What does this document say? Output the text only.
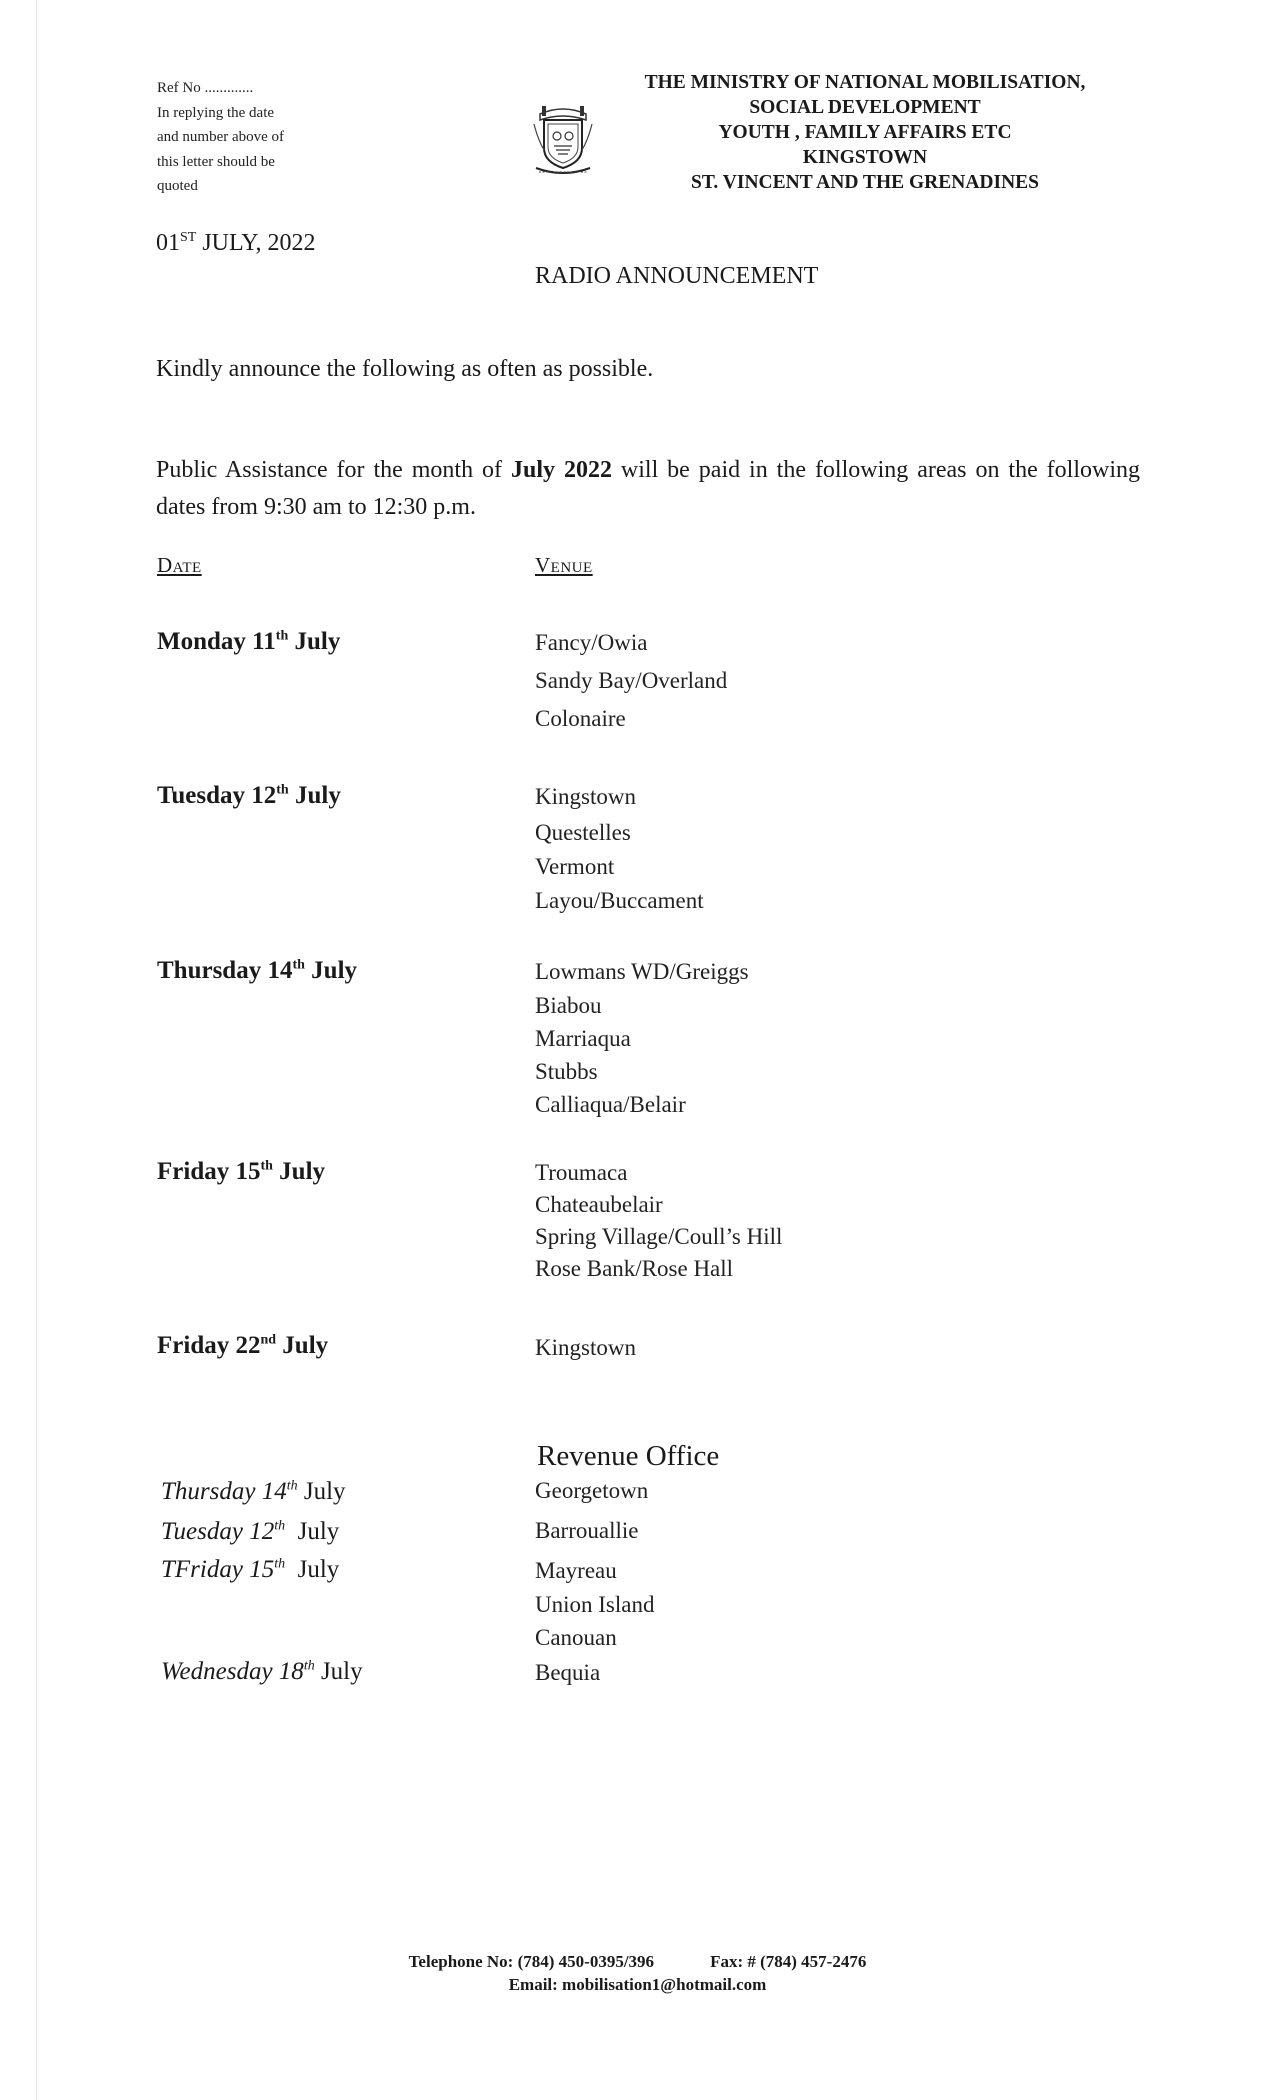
Ref No .............
In replying the date
and number above of
this letter should be
quoted
THE MINISTRY OF NATIONAL MOBILISATION,
SOCIAL DEVELOPMENT
YOUTH , FAMILY AFFAIRS ETC
KINGSTOWN
ST. VINCENT AND THE GRENADINES
01ST JULY, 2022
RADIO ANNOUNCEMENT
Kindly announce the following as often as possible.
Public Assistance for the month of July 2022 will be paid in the following areas on the following dates from 9:30 am to 12:30 p.m.
Date	Venue
Monday 11th July	Fancy/Owia
Sandy Bay/Overland
Colonaire
Tuesday 12th July	Kingstown
Questelles
Vermont
Layou/Buccament
Thursday 14th July	Lowmans WD/Greiggs
Biabou
Marriaqua
Stubbs
Calliaqua/Belair
Friday 15th July	Troumaca
Chateaubelair
Spring Village/Coull’s Hill
Rose Bank/Rose Hall
Friday 22nd July	Kingstown
Revenue Office
Thursday 14th July	Georgetown
Tuesday 12th  July	Barrouallie
TFriday 15th  July	Mayreau
Union Island
Canouan
Wednesday 18th July	Bequia
Telephone No: (784) 450-0395/396	Fax: # (784) 457-2476
Email: mobilisation1@hotmail.com
